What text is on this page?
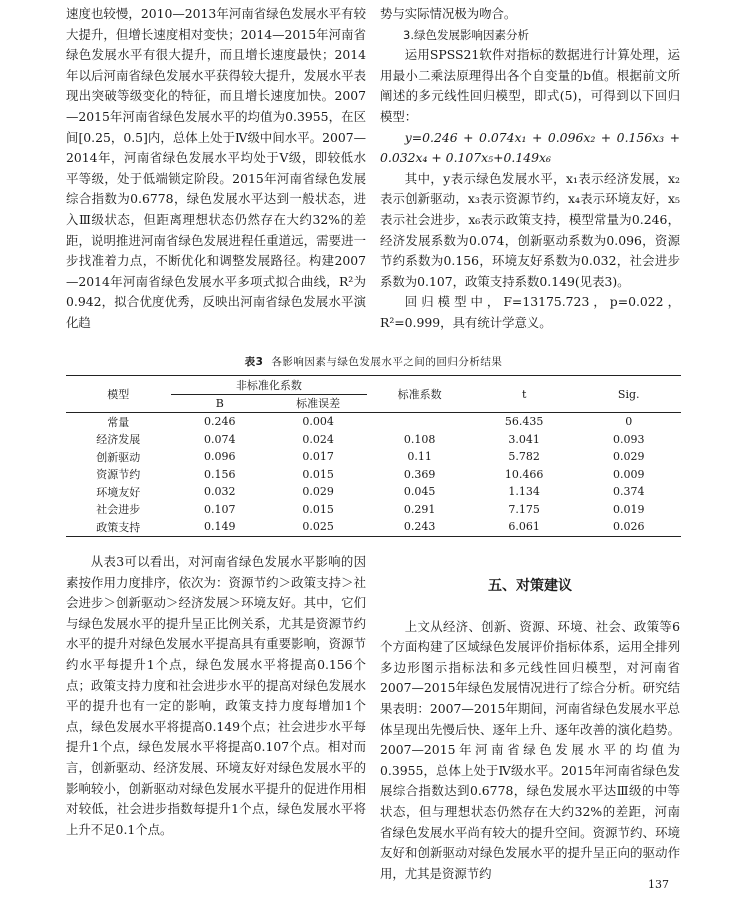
速度也较慢，2010—2013年河南省绿色发展水平有较大提升，但增长速度相对变快；2014—2015年河南省绿色发展水平有很大提升，而且增长速度最快；2014年以后河南省绿色发展水平获得较大提升，发展水平表现出突破等级变化的特征，而且增长速度加快。2007—2015年河南省绿色发展水平的均值为0.3955，在区间[0.25，0.5]内，总体上处于Ⅳ级中间水平。2007—2014年，河南省绿色发展水平均处于Ⅴ级，即较低水平等级，处于低端锁定阶段。2015年河南省绿色发展综合指数为0.6778，绿色发展水平达到一般状态，进入Ⅲ级状态，但距离理想状态仍然存在大约32%的差距，说明推进河南省绿色发展进程任重道远，需要进一步找准着力点，不断优化和调整发展路径。构建2007—2014年河南省绿色发展水平多项式拟合曲线，R²为0.942，拟合优度优秀，反映出河南省绿色发展水平演化趋

势与实际情况极为吻合。

3.绿色发展影响因素分析

运用SPSS21软件对指标的数据进行计算处理，运用最小二乘法原理得出各个自变量的b值。根据前文所阐述的多元线性回归模型，即式(5)，可得到以下回归模型：

y=0.246 + 0.074x₁ + 0.096x₂ + 0.156x₃ + 0.032x₄ + 0.107x₅+0.149x₆

其中，y表示绿色发展水平，x₁表示经济发展，x₂表示创新驱动，x₃表示资源节约，x₄表示环境友好，x₅表示社会进步，x₆表示政策支持，模型常量为0.246，经济发展系数为0.074，创新驱动系数为0.096，资源节约系数为0.156，环境友好系数为0.032，社会进步系数为0.107，政策支持系数0.149(见表3)。

回归模型中，F=13175.723，p=0.022，R²=0.999，具有统计学意义。

表3 各影响因素与绿色发展水平之间的回归分析结果
模型	非标准化系数		标准系数	t	Sig.
	B	标准误差			
常量	0.246	0.004		56.435	0
经济发展	0.074	0.024	0.108	3.041	0.093
创新驱动	0.096	0.017	0.11	5.782	0.029
资源节约	0.156	0.015	0.369	10.466	0.009
环境友好	0.032	0.029	0.045	1.134	0.374
社会进步	0.107	0.015	0.291	7.175	0.019
政策支持	0.149	0.025	0.243	6.061	0.026

从表3可以看出，对河南省绿色发展水平影响的因素按作用力度排序，依次为：资源节约＞政策支持＞社会进步＞创新驱动＞经济发展＞环境友好。其中，它们与绿色发展水平的提升呈正比例关系，尤其是资源节约水平的提升对绿色发展水平提高具有重要影响，资源节约水平每提升1个点，绿色发展水平将提高0.156个点；政策支持力度和社会进步水平的提高对绿色发展水平的提升也有一定的影响，政策支持力度每增加1个点，绿色发展水平将提高0.149个点；社会进步水平每提升1个点，绿色发展水平将提高0.107个点。相对而言，创新驱动、经济发展、环境友好对绿色发展水平的影响较小，创新驱动对绿色发展水平提升的促进作用相对较低，社会进步指数每提升1个点，绿色发展水平将上升不足0.1个点。

五、对策建议

上文从经济、创新、资源、环境、社会、政策等6个方面构建了区域绿色发展评价指标体系，运用全排列多边形图示指标法和多元线性回归模型，对河南省2007—2015年绿色发展情况进行了综合分析。研究结果表明：2007—2015年期间，河南省绿色发展水平总体呈现出先慢后快、逐年上升、逐年改善的演化趋势。2007—2015年河南省绿色发展水平的均值为0.3955，总体上处于Ⅳ级水平。2015年河南省绿色发展综合指数达到0.6778，绿色发展水平达Ⅲ级的中等状态，但与理想状态仍然存在大约32%的差距，河南省绿色发展水平尚有较大的提升空间。资源节约、环境友好和创新驱动对绿色发展水平的提升呈正向的驱动作用，尤其是资源节约

137
